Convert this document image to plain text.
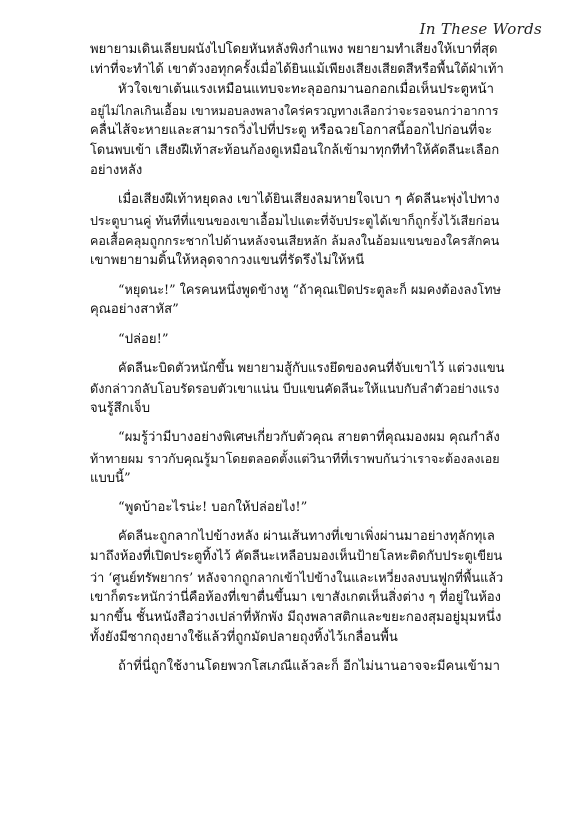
In These Words

พยายามเดินเลียบผนังไปโดยหันหลังพิงกำแพง พยายามทำเสียงให้เบาที่สุด

เท่าที่จะทำได้ เขาตัวงอทุกครั้งเมื่อได้ยินแม้เพียงเสียงเสียดสีหรือพื้นใต้ฝ่าเท้า

หัวใจเขาเต้นแรงเหมือนแทบจะทะลุออกมานอกอกเมื่อเห็นประตูหน้า

อยู่ไม่ไกลเกินเอื้อม เขาหมอบลงพลางใคร่ครวญทางเลือกว่าจะรอจนกว่าอาการ

คลื่นไส้จะหายและสามารถวิ่งไปที่ประตู หรือฉวยโอกาสนี้ออกไปก่อนที่จะ

โดนพบเข้า เสียงฝีเท้าสะท้อนก้องดูเหมือนใกล้เข้ามาทุกทีทำให้คัดลีนะเลือก

อย่างหลัง

เมื่อเสียงฝีเท้าหยุดลง เขาได้ยินเสียงลมหายใจเบา ๆ คัดลีนะพุ่งไปทาง

ประตูบานคู่ ทันทีที่แขนของเขาเอื้อมไปแตะที่จับประตูได้เขาก็ถูกรั้งไว้เสียก่อน

คอเสื้อคลุมถูกกระชากไปด้านหลังจนเสียหลัก ล้มลงในอ้อมแขนของใครสักคน

เขาพยายามดิ้นให้หลุดจากวงแขนที่รัดรึงไม่ให้หนี

“หยุดนะ!” ใครคนหนึ่งพูดข้างหู “ถ้าคุณเปิดประตูละก็ ผมคงต้องลงโทษ

คุณอย่างสาหัส”

“ปล่อย!”

คัดลีนะบิดตัวหนักขึ้น พยายามสู้กับแรงยึดของคนที่จับเขาไว้ แต่วงแขน

ดังกล่าวกลับโอบรัดรอบตัวเขาแน่น บีบแขนคัดลีนะให้แนบกับลำตัวอย่างแรง

จนรู้สึกเจ็บ

“ผมรู้ว่ามีบางอย่างพิเศษเกี่ยวกับตัวคุณ สายตาที่คุณมองผม คุณกำลัง

ท้าทายผม ราวกับคุณรู้มาโดยตลอดตั้งแต่วินาทีที่เราพบกันว่าเราจะต้องลงเอย

แบบนี้”

“พูดบ้าอะไรน่ะ! บอกให้ปล่อยไง!”

คัดลีนะถูกลากไปข้างหลัง ผ่านเส้นทางที่เขาเพิ่งผ่านมาอย่างทุลักทุเล

มาถึงห้องที่เปิดประตูทิ้งไว้ คัดลีนะเหลือบมองเห็นป้ายโลหะติดกับประตูเขียน

ว่า ‘ศูนย์ทรัพยากร’ หลังจากถูกลากเข้าไปข้างในและเหวี่ยงลงบนฟูกที่พื้นแล้ว

เขาก็ตระหนักว่านี่คือห้องที่เขาตื่นขึ้นมา เขาสังเกตเห็นสิ่งต่าง ๆ ที่อยู่ในห้อง

มากขึ้น ชั้นหนังสือว่างเปล่าที่หักพัง มีถุงพลาสติกและขยะกองสุมอยู่มุมหนึ่ง

ทั้งยังมีซากถุงยางใช้แล้วที่ถูกมัดปลายถุงทิ้งไว้เกลื่อนพื้น

ถ้าที่นี่ถูกใช้งานโดยพวกโสเภณีแล้วละก็ อีกไม่นานอาจจะมีคนเข้ามา
